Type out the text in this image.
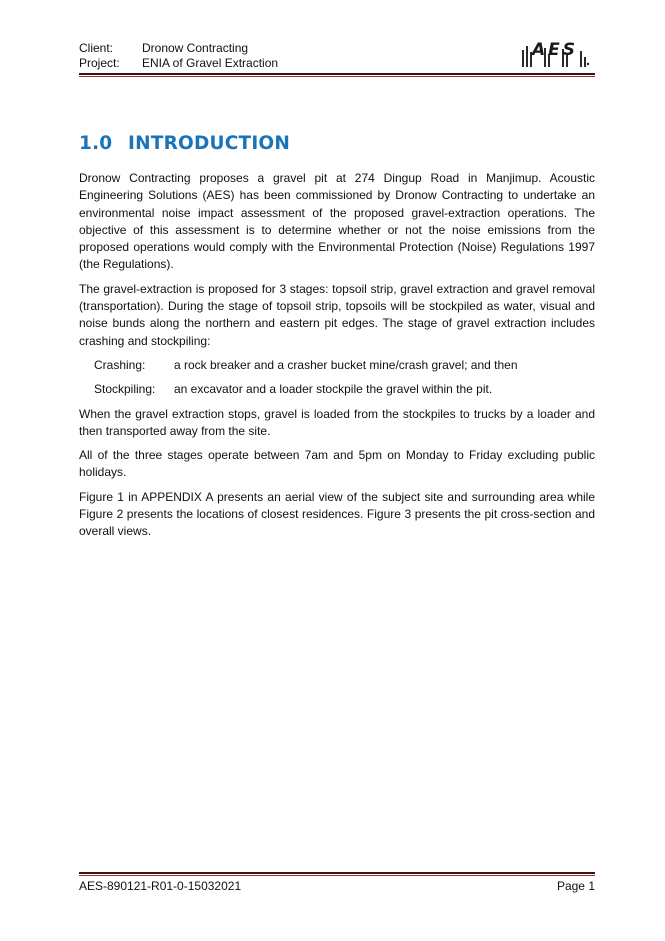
Client:	Dronow Contracting
Project:	ENIA of Gravel Extraction
AES
1.0 INTRODUCTION

Dronow Contracting proposes a gravel pit at 274 Dingup Road in Manjimup. Acoustic Engineering Solutions (AES) has been commissioned by Dronow Contracting to undertake an environmental noise impact assessment of the proposed gravel-extraction operations. The objective of this assessment is to determine whether or not the noise emissions from the proposed operations would comply with the Environmental Protection (Noise) Regulations 1997 (the Regulations).

The gravel-extraction is proposed for 3 stages: topsoil strip, gravel extraction and gravel removal (transportation). During the stage of topsoil strip, topsoils will be stockpiled as water, visual and noise bunds along the northern and eastern pit edges. The stage of gravel extraction includes crashing and stockpiling:

Crashing:	a rock breaker and a crasher bucket mine/crash gravel; and then
Stockpiling:	an excavator and a loader stockpile the gravel within the pit.

When the gravel extraction stops, gravel is loaded from the stockpiles to trucks by a loader and then transported away from the site.

All of the three stages operate between 7am and 5pm on Monday to Friday excluding public holidays.

Figure 1 in APPENDIX A presents an aerial view of the subject site and surrounding area while Figure 2 presents the locations of closest residences. Figure 3 presents the pit cross-section and overall views.

AES-890121-R01-0-15032021	Page 1
